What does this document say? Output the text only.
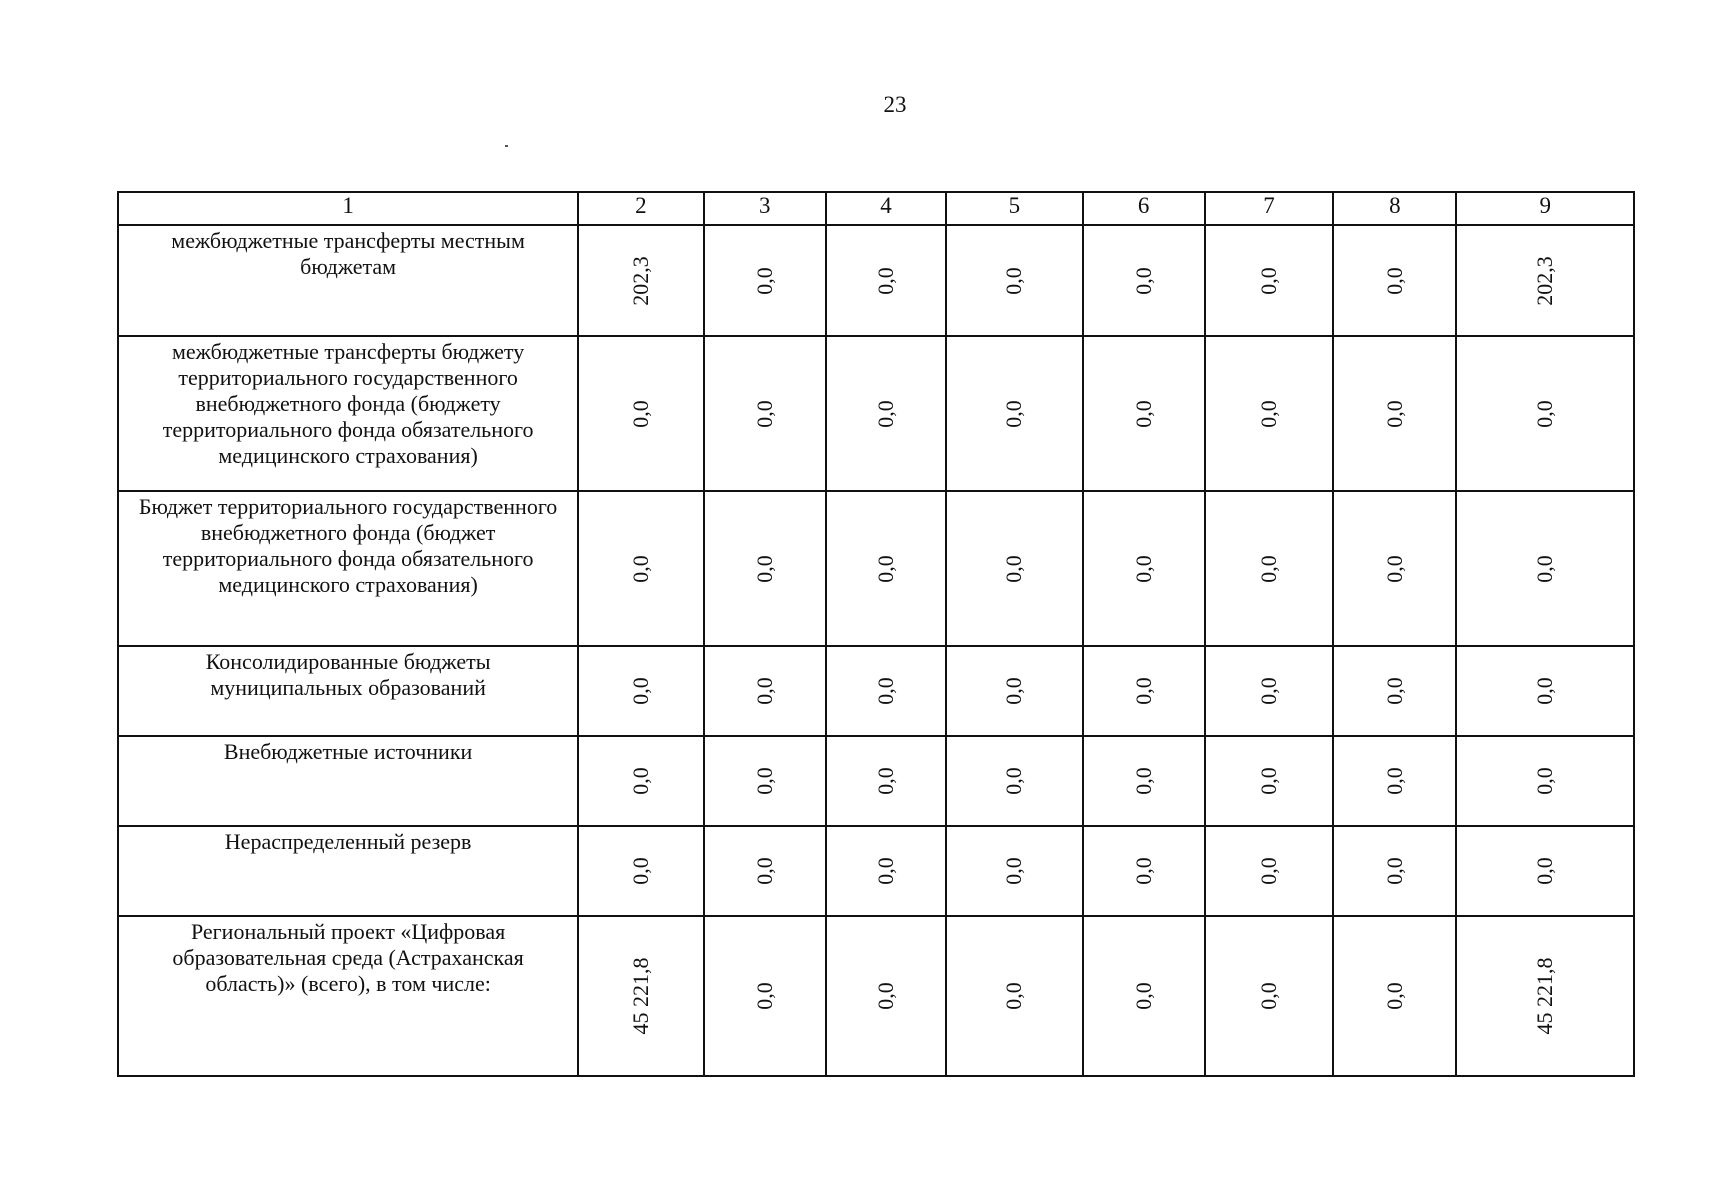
23
1	2	3	4	5	6	7	8	9
межбюджетные трансферты местным бюджетам	202,3	0,0	0,0	0,0	0,0	0,0	0,0	202,3

межбюджетные трансферты бюджету территориального государственного внебюджетного фонда (бюджету территориального фонда обязательного медицинского страхования)	0,0	0,0	0,0	0,0	0,0	0,0	0,0	0,0

Бюджет территориального государственного внебюджетного фонда (бюджет территориального фонда обязательного медицинского страхования)	0,0	0,0	0,0	0,0	0,0	0,0	0,0	0,0

Консолидированные бюджеты муниципальных образований	0,0	0,0	0,0	0,0	0,0	0,0	0,0	0,0

Внебюджетные источники	0,0	0,0	0,0	0,0	0,0	0,0	0,0	0,0

Нераспределенный резерв	0,0	0,0	0,0	0,0	0,0	0,0	0,0	0,0

Региональный проект «Цифровая образовательная среда (Астраханская область)» (всего), в том числе:	45 221,8	0,0	0,0	0,0	0,0	0,0	0,0	45 221,8
